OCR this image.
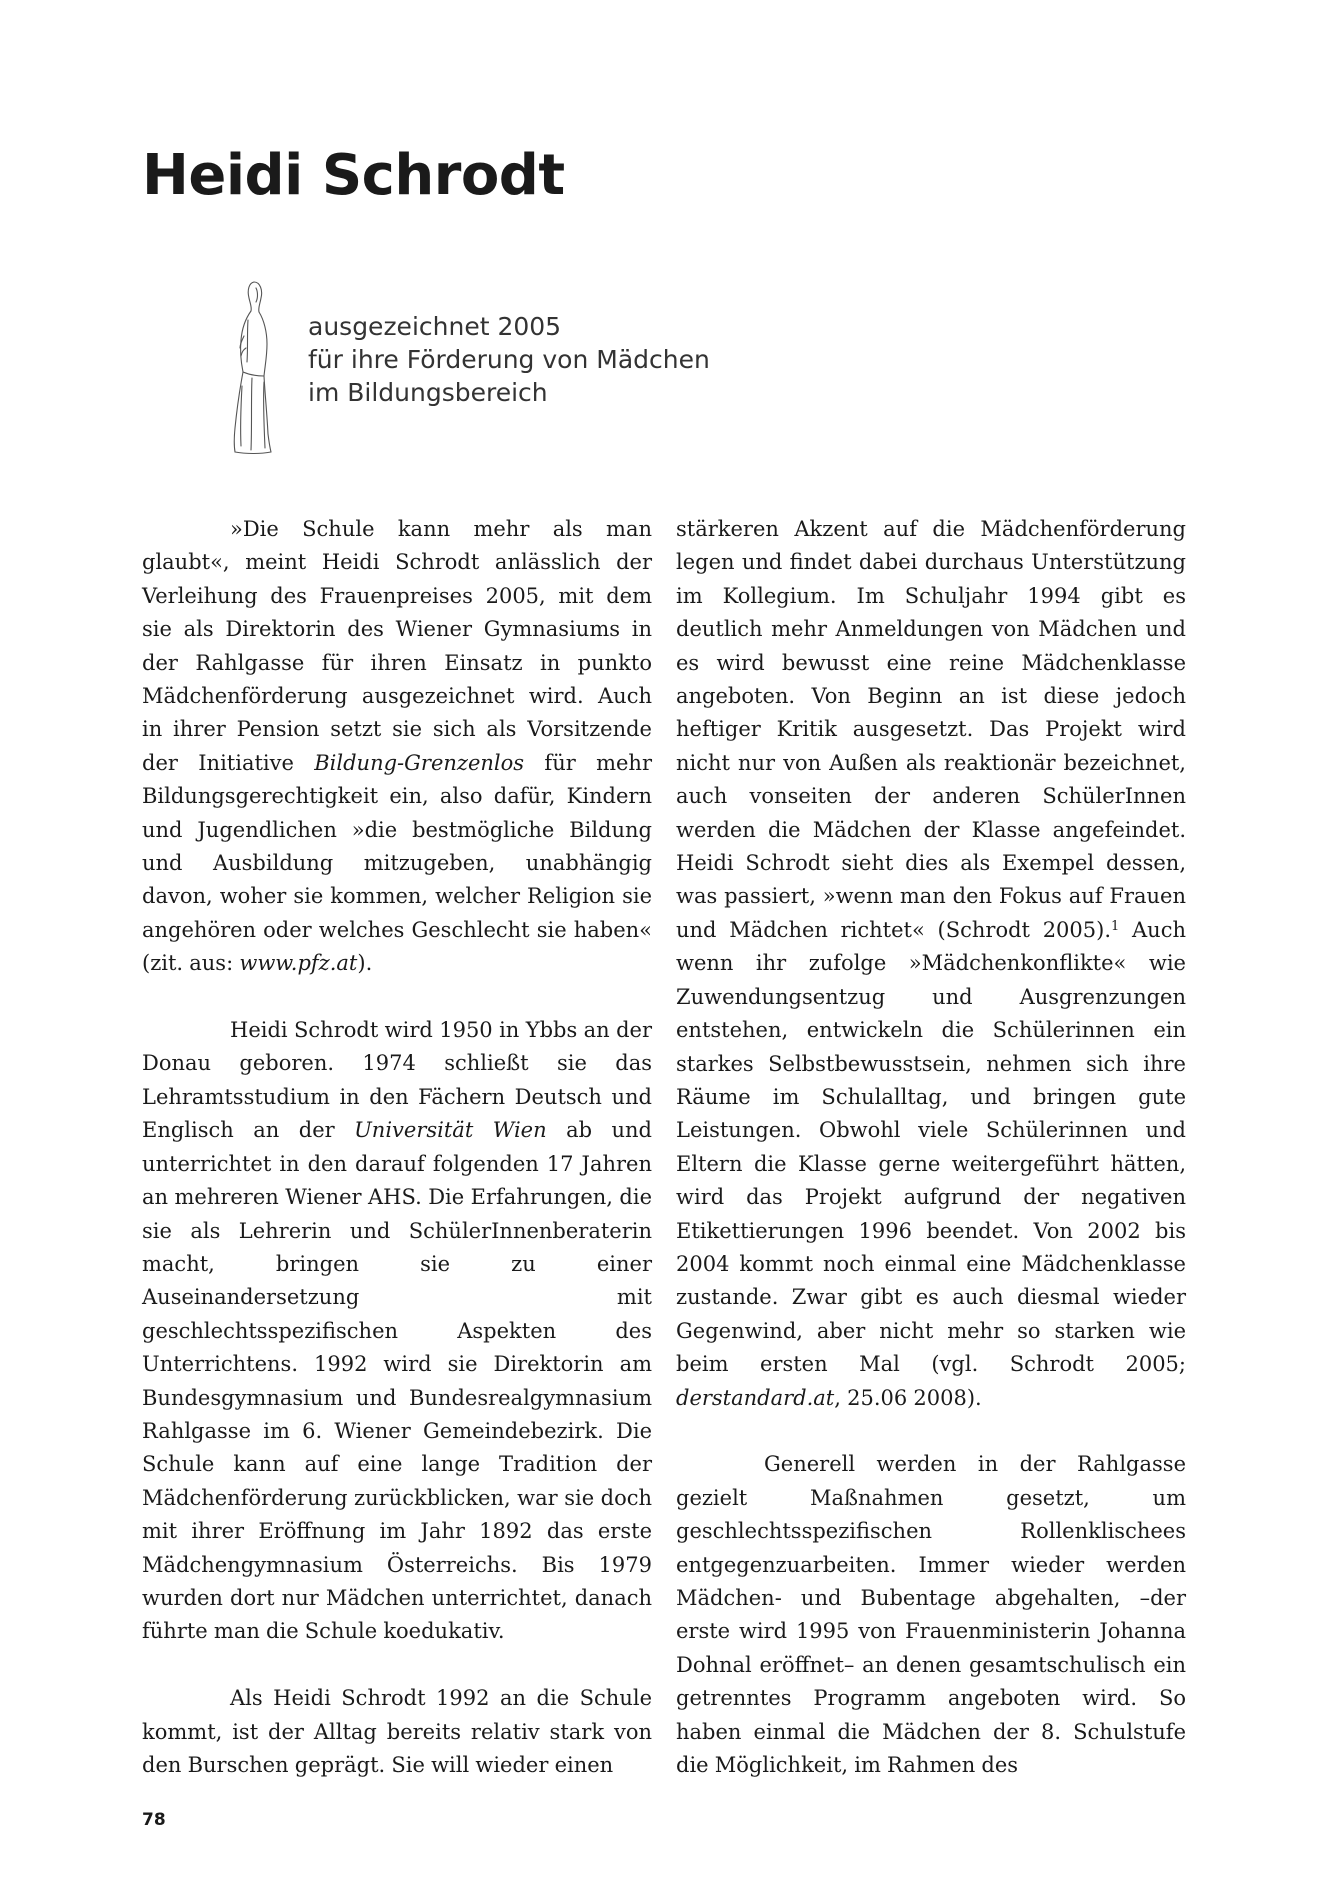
Heidi Schrodt
ausgezeichnet 2005
für ihre Förderung von Mädchen
im Bildungsbereich

»Die Schule kann mehr als man glaubt«, meint Heidi Schrodt anlässlich der Verleihung des Frauenpreises 2005, mit dem sie als Direktorin des Wiener Gymnasiums in der Rahlgasse für ihren Einsatz in punkto Mädchenförderung ausgezeichnet wird. Auch in ihrer Pension setzt sie sich als Vorsitzende der Initiative Bildung-Grenzenlos für mehr Bildungsgerechtigkeit ein, also dafür, Kindern und Jugendlichen »die bestmögliche Bildung und Ausbildung mitzugeben, unabhängig davon, woher sie kommen, welcher Religion sie angehören oder welches Geschlecht sie haben« (zit. aus: www.pfz.at).

Heidi Schrodt wird 1950 in Ybbs an der Donau geboren. 1974 schließt sie das Lehramtsstudium in den Fächern Deutsch und Englisch an der Universität Wien ab und unterrichtet in den darauf folgenden 17 Jahren an mehreren Wiener AHS. Die Erfahrungen, die sie als Lehrerin und SchülerInnenberaterin macht, bringen sie zu einer Auseinandersetzung mit geschlechtsspezifischen Aspekten des Unterrichtens. 1992 wird sie Direktorin am Bundesgymnasium und Bundesrealgymnasium Rahlgasse im 6. Wiener Gemeindebezirk. Die Schule kann auf eine lange Tradition der Mädchenförderung zurückblicken, war sie doch mit ihrer Eröffnung im Jahr 1892 das erste Mädchengymnasium Österreichs. Bis 1979 wurden dort nur Mädchen unterrichtet, danach führte man die Schule koedukativ.

Als Heidi Schrodt 1992 an die Schule kommt, ist der Alltag bereits relativ stark von den Burschen geprägt. Sie will wieder einen

stärkeren Akzent auf die Mädchenförderung legen und findet dabei durchaus Unterstützung im Kollegium. Im Schuljahr 1994 gibt es deutlich mehr Anmeldungen von Mädchen und es wird bewusst eine reine Mädchenklasse angeboten. Von Beginn an ist diese jedoch heftiger Kritik ausgesetzt. Das Projekt wird nicht nur von Außen als reaktionär bezeichnet, auch vonseiten der anderen SchülerInnen werden die Mädchen der Klasse angefeindet. Heidi Schrodt sieht dies als Exempel dessen, was passiert, »wenn man den Fokus auf Frauen und Mädchen richtet« (Schrodt 2005).$^1$ Auch wenn ihr zufolge »Mädchenkonflikte« wie Zuwendungsentzug und Ausgrenzungen entstehen, entwickeln die Schülerinnen ein starkes Selbstbewusstsein, nehmen sich ihre Räume im Schulalltag, und bringen gute Leistungen. Obwohl viele Schülerinnen und Eltern die Klasse gerne weitergeführt hätten, wird das Projekt aufgrund der negativen Etikettierungen 1996 beendet. Von 2002 bis 2004 kommt noch einmal eine Mädchenklasse zustande. Zwar gibt es auch diesmal wieder Gegenwind, aber nicht mehr so starken wie beim ersten Mal (vgl. Schrodt 2005; derstandard.at, 25.06 2008).

Generell werden in der Rahlgasse gezielt Maßnahmen gesetzt, um geschlechtsspezifischen Rollenklischees entgegenzuarbeiten. Immer wieder werden Mädchen- und Bubentage abgehalten, –der erste wird 1995 von Frauenministerin Johanna Dohnal eröffnet– an denen gesamtschulisch ein getrenntes Programm angeboten wird. So haben einmal die Mädchen der 8. Schulstufe die Möglichkeit, im Rahmen des

78
